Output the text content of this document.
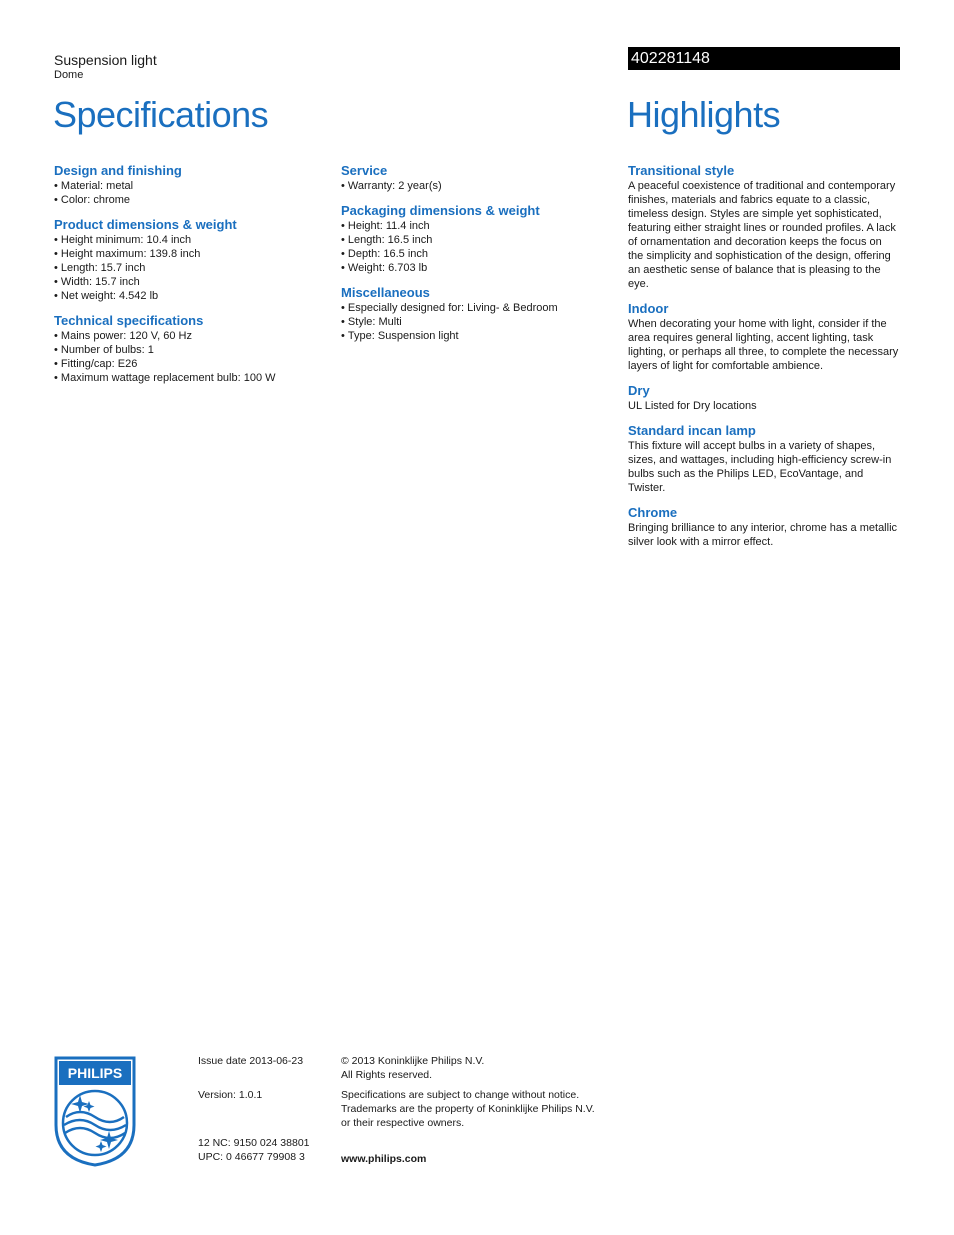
Suspension light
Dome
Specifications
402281148
Highlights
Design and finishing
• Material: metal
• Color: chrome
Product dimensions & weight
• Height minimum: 10.4 inch
• Height maximum: 139.8 inch
• Length: 15.7 inch
• Width: 15.7 inch
• Net weight: 4.542 lb
Technical specifications
• Mains power: 120 V, 60 Hz
• Number of bulbs: 1
• Fitting/cap: E26
• Maximum wattage replacement bulb: 100 W
Service
• Warranty: 2 year(s)
Packaging dimensions & weight
• Height: 11.4 inch
• Length: 16.5 inch
• Depth: 16.5 inch
• Weight: 6.703 lb
Miscellaneous
• Especially designed for: Living- & Bedroom
• Style: Multi
• Type: Suspension light
Transitional style

A peaceful coexistence of traditional and contemporary finishes, materials and fabrics equate to a classic, timeless design. Styles are simple yet sophisticated, featuring either straight lines or rounded profiles. A lack of ornamentation and decoration keeps the focus on the simplicity and sophistication of the design, offering an aesthetic sense of balance that is pleasing to the eye.

Indoor

When decorating your home with light, consider if the area requires general lighting, accent lighting, task lighting, or perhaps all three, to complete the necessary layers of light for comfortable ambience.

Dry

UL Listed for Dry locations

Standard incan lamp

This fixture will accept bulbs in a variety of shapes, sizes, and wattages, including high-efficiency screw-in bulbs such as the Philips LED, EcoVantage, and Twister.

Chrome

Bringing brilliance to any interior, chrome has a metallic silver look with a mirror effect.

PHILIPS
Issue date 2013-06-23
Version: 1.0.1
12 NC: 9150 024 38801
UPC: 0 46677 79908 3
© 2013 Koninklijke Philips N.V.
All Rights reserved.
Specifications are subject to change without notice.
Trademarks are the property of Koninklijke Philips N.V.
or their respective owners.
www.philips.com
